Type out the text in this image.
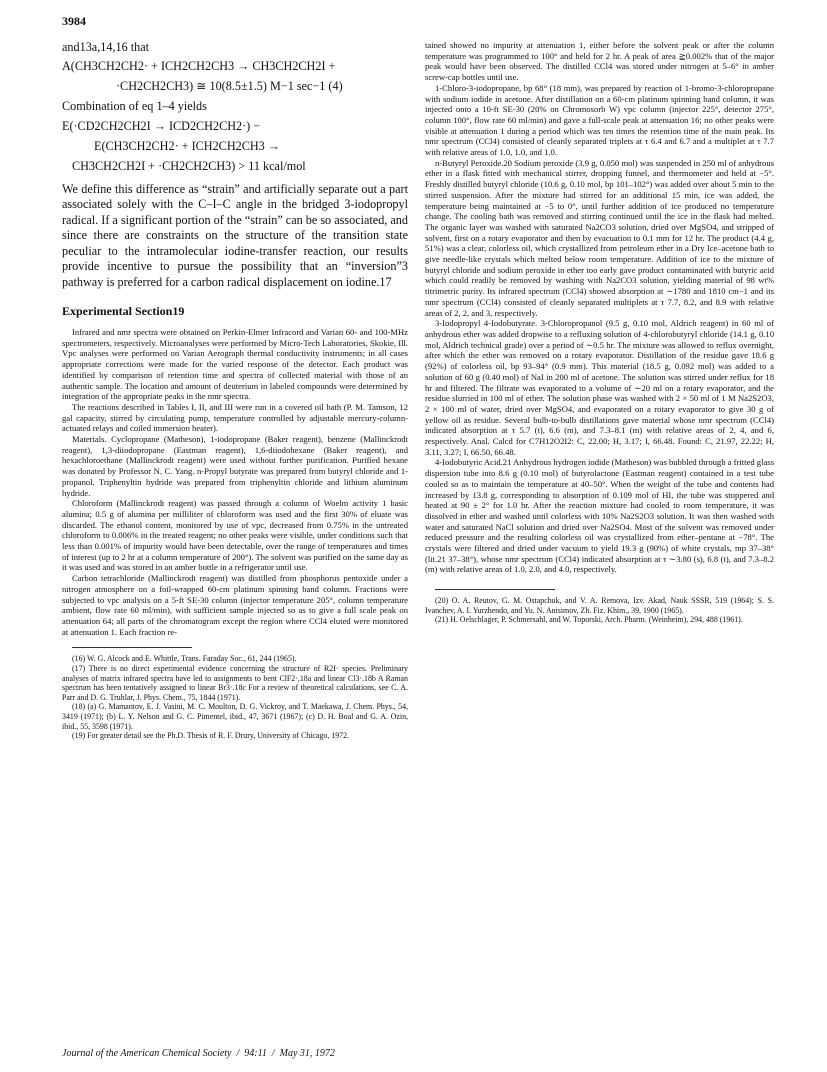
3984

and13a,14,16 that

A(CH3CH2CH2· + ICH2CH2CH3 → CH3CH2CH2I +

·CH2CH2CH3) ≅ 10(8.5±1.5) M−1 sec−1 (4)

Combination of eq 1–4 yields

E(·CD2CH2CH2I → ICD2CH2CH2·) −

E(CH3CH2CH2· + ICH2CH2CH3 →

CH3CH2CH2I + ·CH2CH2CH3) > 11 kcal/mol

We define this difference as “strain” and artificially separate out a part associated solely with the C–I–C angle in the bridged 3-iodopropyl radical. If a significant portion of the “strain” can be so associated, and since there are constraints on the structure of the transition state peculiar to the intramolecular iodine-transfer reaction, our results provide incentive to pursue the possibility that an “inversion”3 pathway is preferred for a carbon radical displacement on iodine.17

Experimental Section19

Infrared and nmr spectra were obtained on Perkin-Elmer Infracord and Varian 60- and 100-MHz spectrometers, respectively. Microanalyses were performed by Micro-Tech Laboratories, Skokie, Ill. Vpc analyses were performed on Varian Aerograph thermal conductivity instruments; in all cases appropriate corrections were made for the varied response of the detector. Each product was identified by comparison of retention time and spectra of collected material with those of an authentic sample. The location and amount of deuterium in labeled compounds were determined by integration of the appropriate peaks in the nmr spectra.

The reactions described in Tables I, II, and III were run in a covered oil bath (P. M. Tamson, 12 gal capacity, stirred by circulating pump, temperature controlled by adjustable mercury-column-actuated relays and coiled immersion heater).

Materials. Cyclopropane (Matheson), 1-iodopropane (Baker reagent), benzene (Mallinckrodt reagent), 1,3-diiodopropane (Eastman reagent), 1,6-diiodohexane (Baker reagent), and hexachloroethane (Mallinckrodt reagent) were used without further purification. Purified hexane was donated by Professor N. C. Yang. n-Propyl butyrate was prepared from butyryl chloride and 1-propanol. Triphenyltin hydride was prepared from triphenyltin chloride and lithium aluminum hydride.

Chloroform (Mallinckrodt reagent) was passed through a column of Woelm activity 1 basic alumina; 0.5 g of alumina per milliliter of chloroform was used and the first 30% of eluate was discarded. The ethanol content, monitored by use of vpc, decreased from 0.75% in the untreated chloroform to 0.006% in the treated reagent; no other peaks were visible, under conditions such that less than 0.001% of impurity would have been detectable, over the range of temperatures and times of interest (up to 2 hr at a column temperature of 200°). The solvent was purified on the same day as it was used and was stored in an amber bottle in a refrigerator until use.

Carbon tetrachloride (Mallinckrodt reagent) was distilled from phosphorus pentoxide under a nitrogen atmosphere on a foil-wrapped 60-cm platinum spinning band column. Fractions were subjected to vpc analysis on a 5-ft SE-30 column (injector temperature 205°, column temperature ambient, flow rate 60 ml/min), with sufficient sample injected so as to give a full scale peak on attenuation 64; all parts of the chromatogram except the region where CCl4 eluted were monitored at attenuation 1. Each fraction re-

(16) W. G. Alcock and E. Whittle, Trans. Faraday Soc., 61, 244 (1965).
(17) There is no direct experimental evidence concerning the structure of R2I· species. Preliminary analyses of matrix infrared spectra have led to assignments to bent ClF2·,18a and linear Cl3·.18b A Raman spectrum has been tentatively assigned to linear Br3·.18c For a review of theoretical calculations, see C. A. Parr and D. G. Truhlar, J. Phys. Chem., 75, 1844 (1971).
(18) (a) G. Mamantov, E. J. Vasini, M. C. Moulton, D. G. Vickroy, and T. Maekawa, J. Chem. Phys., 54, 3419 (1971); (b) L. Y. Nelson and G. C. Pimentel, ibid., 47, 3671 (1967); (c) D. H. Boal and G. A. Ozin, ibid., 55, 3598 (1971).
(19) For greater detail see the Ph.D. Thesis of R. F. Drury, University of Chicago, 1972.

tained showed no impurity at attenuation 1, either before the solvent peak or after the column temperature was programmed to 100° and held for 2 hr. A peak of area ≧0.002% that of the major peak would have been observed. The distilled CCl4 was stored under nitrogen at 5–6° in amber screw-cap bottles until use.

1-Chloro-3-iodopropane, bp 68° (18 mm), was prepared by reaction of 1-bromo-3-chloropropane with sodium iodide in acetone. After distillation on a 60-cm platinum spinning band column, it was injected onto a 10-ft SE-30 (20% on Chromosorb W) vpc column (injector 225°, detector 275°, column 100°, flow rate 60 ml/min) and gave a full-scale peak at attenuation 16; no other peaks were visible at attenuation 1 during a period which was ten times the retention time of the main peak. Its nmr spectrum (CCl4) consisted of cleanly separated triplets at τ 6.4 and 6.7 and a multiplet at τ 7.7 with relative areas of 1.0, 1.0, and 1.0.

n-Butyryl Peroxide.20 Sodium peroxide (3.9 g, 0.050 mol) was suspended in 250 ml of anhydrous ether in a flask fitted with mechanical stirrer, dropping funnel, and thermometer and held at −5°. Freshly distilled butyryl chloride (10.6 g, 0.10 mol, bp 101–102°) was added over about 5 min to the stirred suspension. After the mixture had stirred for an additional 15 min, ice was added, the temperature being maintained at −5 to 0°, until further addition of ice produced no temperature change. The cooling bath was removed and stirring continued until the ice in the flask had melted. The organic layer was washed with saturated Na2CO3 solution, dried over MgSO4, and stripped of solvent, first on a rotary evaporator and then by evacuation to 0.1 mm for 12 hr. The product (4.4 g, 51%) was a clear, colorless oil, which crystallized from petroleum ether in a Dry Ice–acetone bath to give needle-like crystals which melted below room temperature. Addition of ice to the mixture of butyryl chloride and sodium peroxide in ether too early gave product contaminated with butyric acid which could readily be removed by washing with Na2CO3 solution, yielding material of 98 wt% titrimetric purity. Its infrared spectrum (CCl4) showed absorption at ∼1780 and 1810 cm−1 and its nmr spectrum (CCl4) consisted of cleanly separated multiplets at τ 7.7, 8.2, and 8.9 with relative areas of 2, 2, and 3, respectively.

3-Iodopropyl 4-Iodobutyrate. 3-Chloropropanol (9.5 g, 0.10 mol, Aldrich reagent) in 60 ml of anhydrous ether was added dropwise to a refluxing solution of 4-chlorobutyryl chloride (14.1 g, 0.10 mol, Aldrich technical grade) over a period of ∼0.5 hr. The mixture was allowed to reflux overnight, after which the ether was removed on a rotary evaporator. Distillation of the residue gave 18.6 g (92%) of colorless oil, bp 93–94° (0.9 mm). This material (18.5 g, 0.092 mol) was added to a solution of 60 g (0.40 mol) of NaI in 200 ml of acetone. The solution was stirred under reflux for 18 hr and filtered. The filtrate was evaporated to a volume of ∼20 ml on a rotary evaporator, and the residue slurried in 100 ml of ether. The solution phase was washed with 2 × 50 ml of 1 M Na2S2O3, 2 × 100 ml of water, dried over MgSO4, and evaporated on a rotary evaporator to give 30 g of yellow oil as residue. Several bulb-to-bulb distillations gave material whose nmr spectrum (CCl4) indicated absorption at τ 5.7 (t), 6.6 (m), and 7.3–8.1 (m) with relative areas of 2, 4, and 6, respectively. Anal. Calcd for C7H12O2I2: C, 22.00; H, 3.17; I, 66.48. Found: C, 21.97, 22.22; H, 3.11, 3.27; I, 66.50, 66.48.

4-Iodobutyric Acid.21 Anhydrous hydrogen iodide (Matheson) was bubbled through a fritted glass dispersion tube into 8.6 g (0.10 mol) of butyrolactone (Eastman reagent) contained in a test tube cooled so as to maintain the temperature at 40–50°. When the weight of the tube and contents had increased by 13.8 g, corresponding to absorption of 0.109 mol of HI, the tube was stoppered and heated at 90 ± 2° for 1.0 hr. After the reaction mixture had cooled to room temperature, it was dissolved in ether and washed until colorless with 10% Na2S2O3 solution. It was then washed with water and saturated NaCl solution and dried over Na2SO4. Most of the solvent was removed under reduced pressure and the resulting colorless oil was crystallized from ether–pentane at −78°. The crystals were filtered and dried under vacuum to yield 19.3 g (90%) of white crystals, mp 37–38° (lit.21 37–38°), whose nmr spectrum (CCl4) indicated absorption at τ ∼3.80 (s), 6.8 (t), and 7.3–8.2 (m) with relative areas of 1.0, 2.0, and 4.0, respectively.

(20) O. A. Reutov, G. M. Ostapchuk, and V. A. Remova, Izv. Akad, Nauk SSSR, 519 (1964); S. S. Ivanchev, A. I. Yurzhendo, and Yu. N. Anisimov, Zh. Fiz. Khim., 39, 1900 (1965).
(21) H. Oelschlager, P. Schmersahl, and W. Toporski, Arch. Pharm. (Weinheim), 294, 488 (1961).
Journal of the American Chemical Society  /  94:11  /  May 31, 1972
